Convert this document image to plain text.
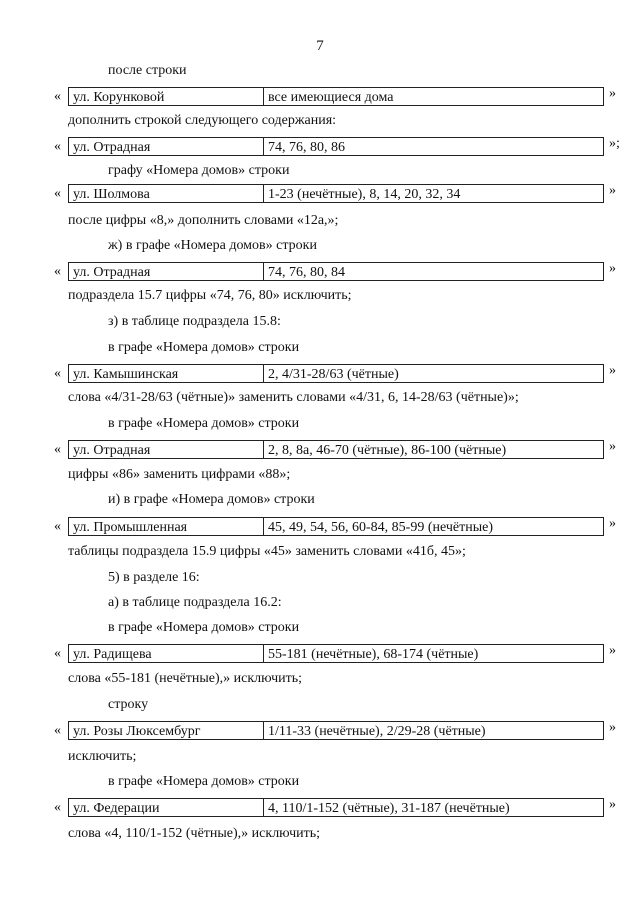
7
после строки
« ул. Корунковой	все имеющиеся дома	»
дополнить строкой следующего содержания:
« ул. Отрадная	74, 76, 80, 86	»;
графу «Номера домов» строки
« ул. Шолмова	1-23 (нечётные), 8, 14, 20, 32, 34	»
после цифры «8,» дополнить словами «12а,»;
ж) в графе «Номера домов» строки
« ул. Отрадная	74, 76, 80, 84	»
подраздела 15.7 цифры «74, 76, 80» исключить;
з) в таблице подраздела 15.8:
в графе «Номера домов» строки
« ул. Камышинская	2, 4/31-28/63 (чётные)	»
слова «4/31-28/63 (чётные)» заменить словами «4/31, 6, 14-28/63 (чётные)»;
в графе «Номера домов» строки
« ул. Отрадная	2, 8, 8а, 46-70 (чётные), 86-100 (чётные)	»
цифры «86» заменить цифрами «88»;
и) в графе «Номера домов» строки
« ул. Промышленная	45, 49, 54, 56, 60-84, 85-99 (нечётные)	»
таблицы подраздела 15.9 цифры «45» заменить словами «41б, 45»;
5) в разделе 16:
а) в таблице подраздела 16.2:
в графе «Номера домов» строки
« ул. Радищева	55-181 (нечётные), 68-174 (чётные)	»
слова «55-181 (нечётные),» исключить;
строку
« ул. Розы Люксембург	1/11-33 (нечётные), 2/29-28 (чётные)	»
исключить;
в графе «Номера домов» строки
« ул. Федерации	4, 110/1-152 (чётные), 31-187 (нечётные)	»
слова «4, 110/1-152 (чётные),» исключить;
